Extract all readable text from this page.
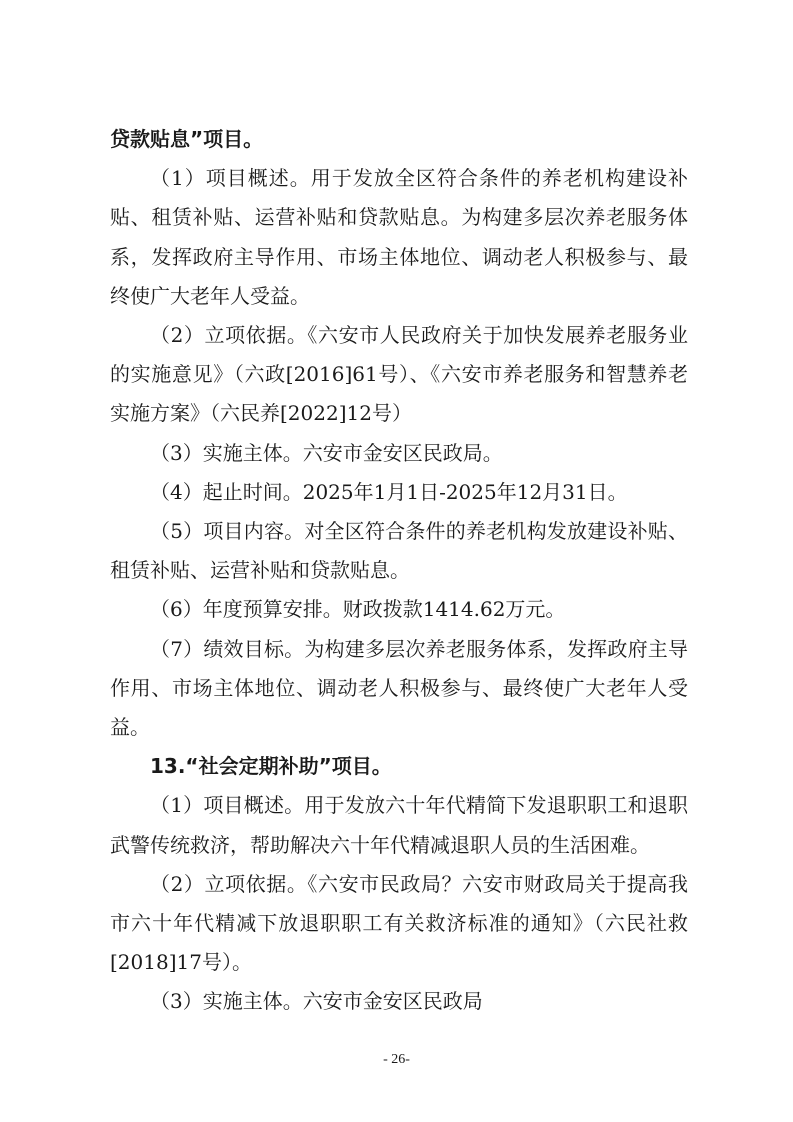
贷款贴息”项目。

（1）项目概述。用于发放全区符合条件的养老机构建设补贴、租赁补贴、运营补贴和贷款贴息。为构建多层次养老服务体系，发挥政府主导作用、市场主体地位、调动老人积极参与、最终使广大老年人受益。

（2）立项依据。《六安市人民政府关于加快发展养老服务业的实施意见》（六政[2016]61号）、《六安市养老服务和智慧养老实施方案》（六民养[2022]12号）

（3）实施主体。六安市金安区民政局。

（4）起止时间。2025年1月1日-2025年12月31日。

（5）项目内容。对全区符合条件的养老机构发放建设补贴、租赁补贴、运营补贴和贷款贴息。

（6）年度预算安排。财政拨款1414.62万元。

（7）绩效目标。为构建多层次养老服务体系，发挥政府主导作用、市场主体地位、调动老人积极参与、最终使广大老年人受益。

13.“社会定期补助”项目。

（1）项目概述。用于发放六十年代精简下发退职职工和退职武警传统救济，帮助解决六十年代精减退职人员的生活困难。

（2）立项依据。《六安市民政局？六安市财政局关于提高我市六十年代精减下放退职职工有关救济标准的通知》（六民社救[2018]17号）。

（3）实施主体。六安市金安区民政局

- 26-
